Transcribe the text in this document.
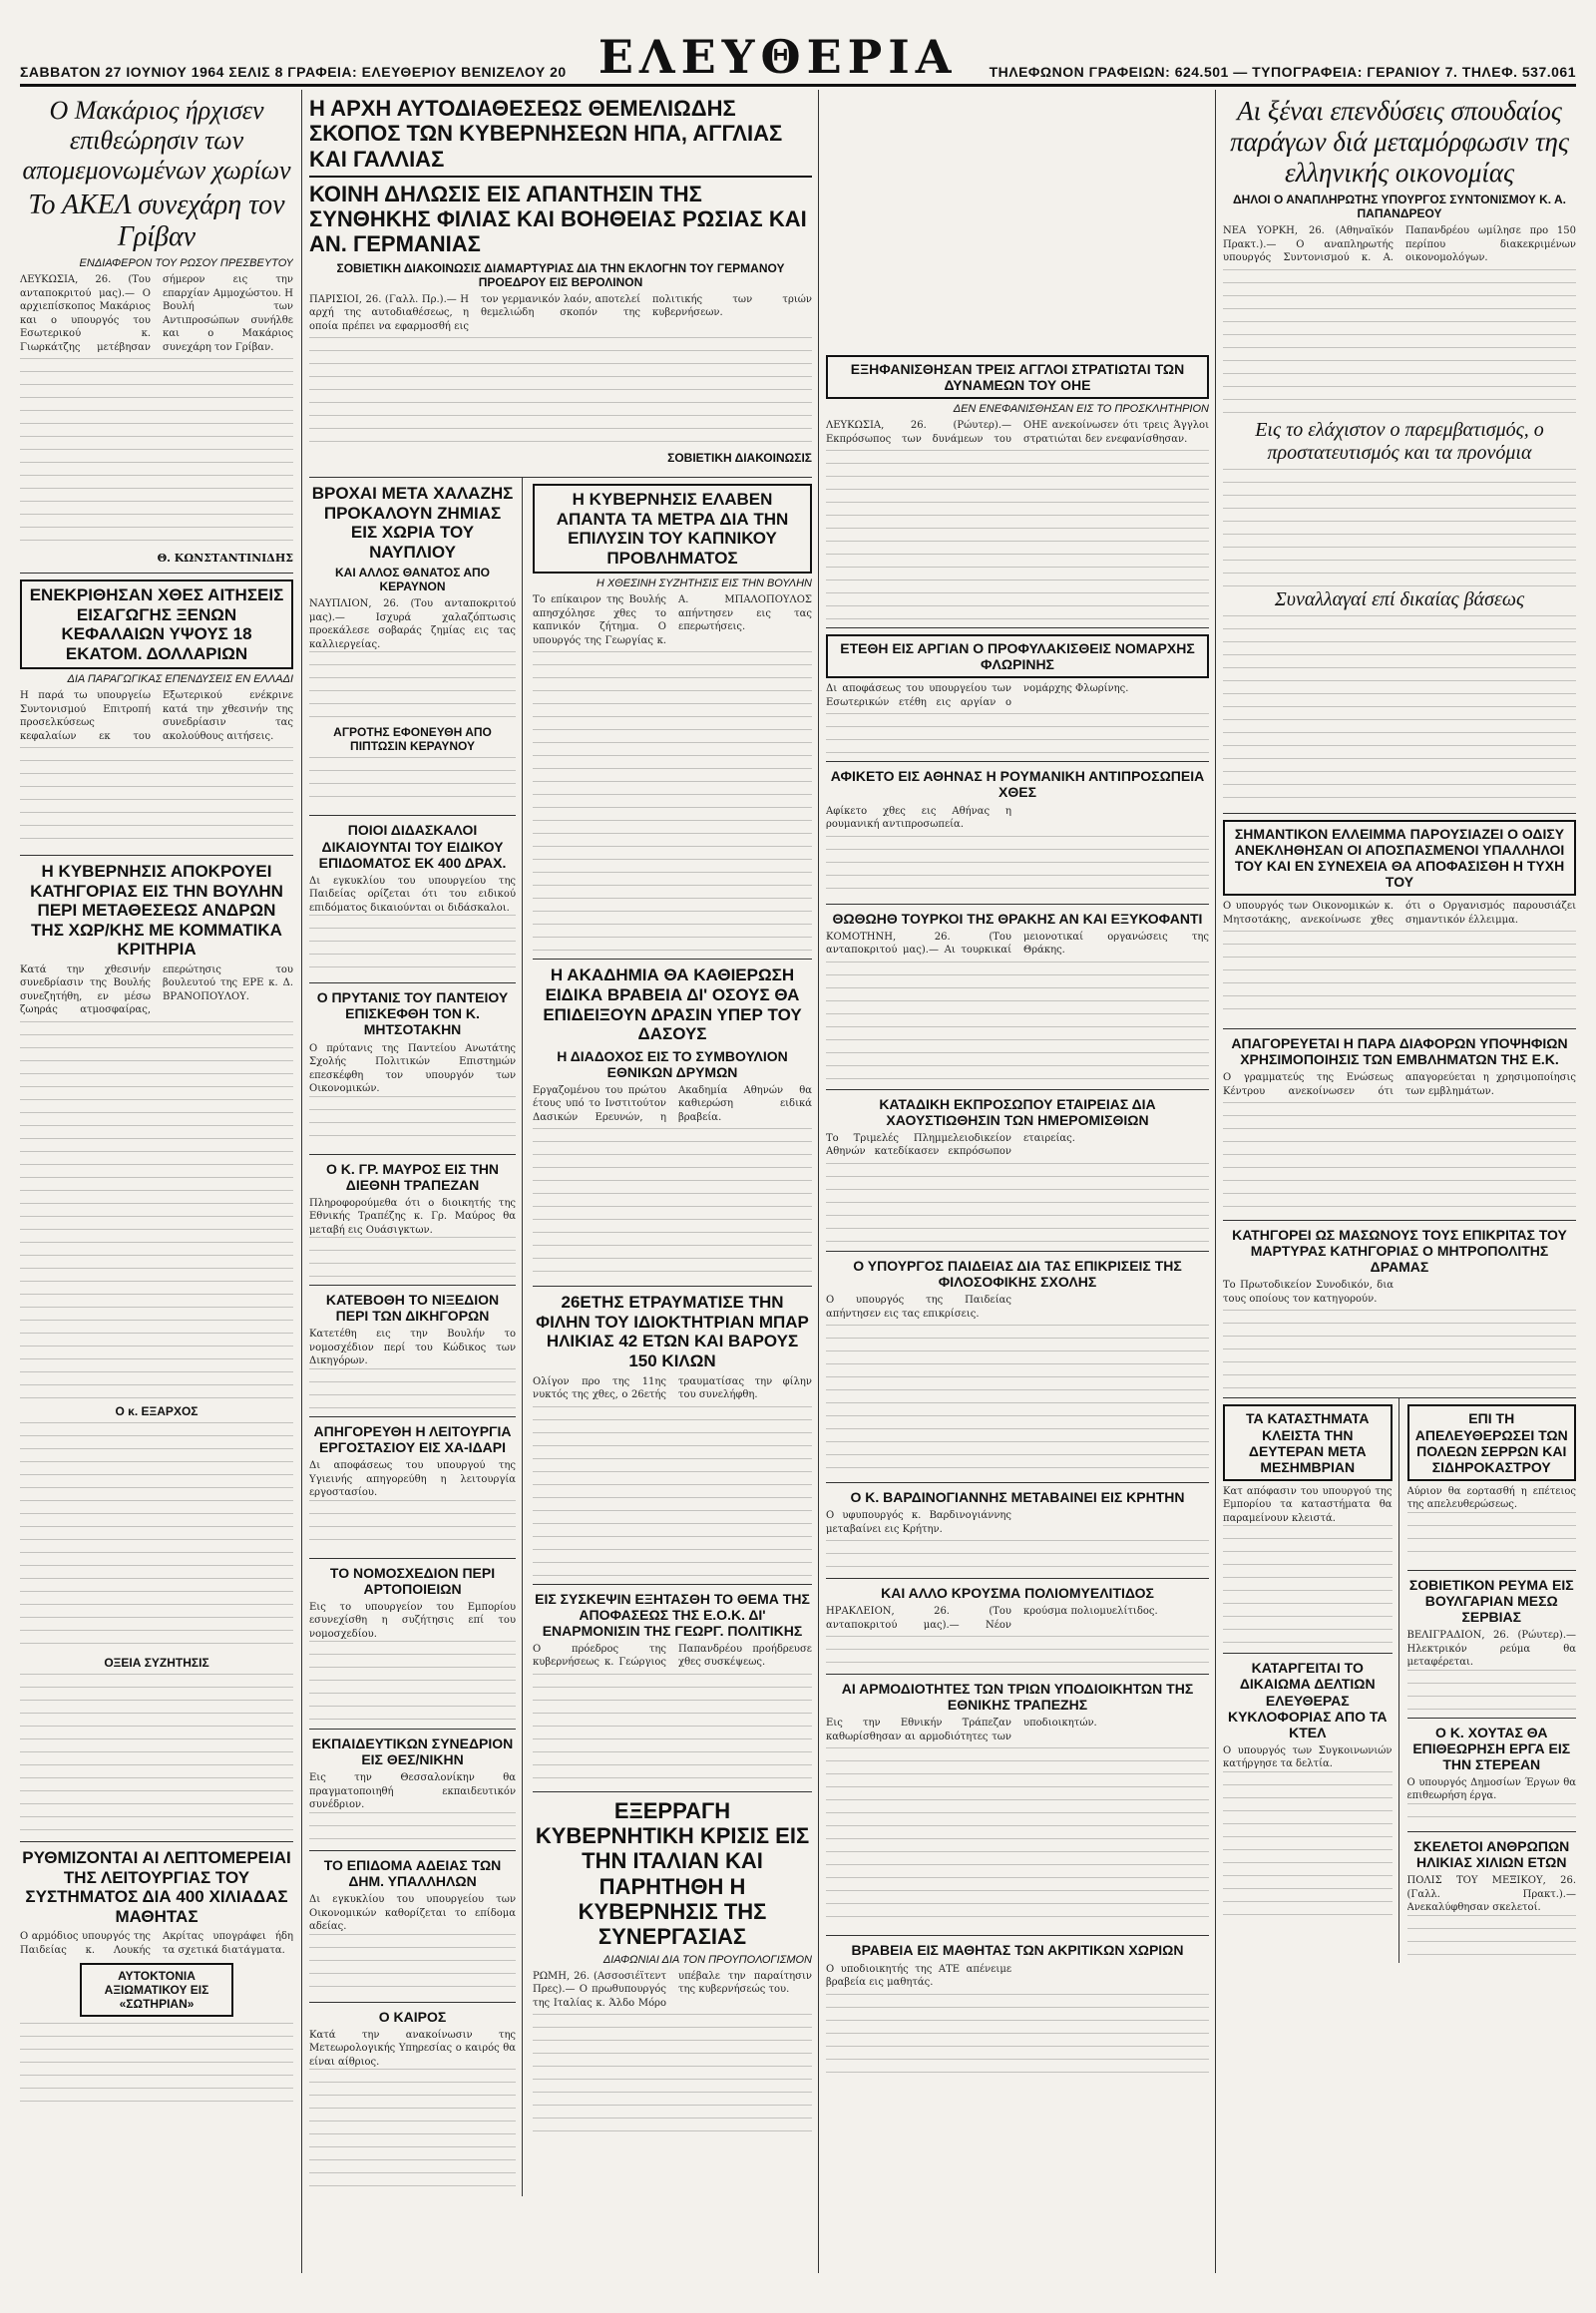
ΣΑΒΒΑΤΟΝ 27 ΙΟΥΝΙΟΥ 1964 ΣΕΛΙΣ 8 ΓΡΑΦΕΙΑ: ΕΛΕΥΘΕΡΙΟΥ ΒΕΝΙΖΕΛΟΥ 20 ΕΛΕΥΘΕΡΙΑ ΤΗΛΕΦΩΝΟΝ ΓΡΑΦΕΙΩΝ: 624.501 — ΤΥΠΟΓΡΑΦΕΙΑ: ΓΕΡΑΝΙΟΥ 7. ΤΗΛΕΦ. 537.061
Ο Μακάριος ήρχισεν επιθεώρησιν των απομεμονωμένων χωρίων
Το ΑΚΕΛ συνεχάρη τον Γρίβαν
ΕΝΔΙΑΦΕΡΟΝ ΤΟΥ ΡΩΣΟΥ ΠΡΕΣΒΕΥΤΟΥ
ΛΕΥΚΩΣΙΑ, 26. (Του ανταποκριτού μας).— Ο αρχιεπίσκοπος Μακάριος και ο υπουργός του Εσωτερικού κ. Γιωρκάτζης μετέβησαν σήμερον εις την επαρχίαν Αμμοχώστου. Η Βουλή των Αντιπροσώπων συνήλθε και ο Μακάριος συνεχάρη τον Γρίβαν.
Θ. ΚΩΝΣΤΑΝΤΙΝΙΔΗΣ
ΕΝΕΚΡΙΘΗΣΑΝ ΧΘΕΣ ΑΙΤΗΣΕΙΣ ΕΙΣΑΓΩΓΗΣ ΞΕΝΩΝ ΚΕΦΑΛΑΙΩΝ ΥΨΟΥΣ 18 ΕΚΑΤΟΜ. ΔΟΛΛΑΡΙΩΝ
ΔΙΑ ΠΑΡΑΓΩΓΙΚΑΣ ΕΠΕΝΔΥΣΕΙΣ ΕΝ ΕΛΛΑΔΙ
Η παρά τω υπουργείω Συντονισμού Επιτροπή προσελκύσεως κεφαλαίων εκ του Εξωτερικού ενέκρινε κατά την χθεσινήν της συνεδρίασιν τας ακολούθους αιτήσεις.
Η ΚΥΒΕΡΝΗΣΙΣ ΑΠΟΚΡΟΥΕΙ ΚΑΤΗΓΟΡΙΑΣ ΕΙΣ ΤΗΝ ΒΟΥΛΗΝ ΠΕΡΙ ΜΕΤΑΘΕΣΕΩΣ ΑΝΔΡΩΝ ΤΗΣ ΧΩΡ/ΚΗΣ ΜΕ ΚΟΜΜΑΤΙΚΑ ΚΡΙΤΗΡΙΑ
Κατά την χθεσινήν συνεδρίασιν της Βουλής συνεζητήθη, εν μέσω ζωηράς ατμοσφαίρας, επερώτησις του βουλευτού της ΕΡΕ κ. Δ. ΒΡΑΝΟΠΟΥΛΟΥ.
Ο κ. ΕΞΑΡΧΟΣ
ΟΞΕΙΑ ΣΥΖΗΤΗΣΙΣ
ΡΥΘΜΙΖΟΝΤΑΙ ΑΙ ΛΕΠΤΟΜΕΡΕΙΑΙ ΤΗΣ ΛΕΙΤΟΥΡΓΙΑΣ ΤΟΥ ΣΥΣΤΗΜΑΤΟΣ ΔΙΑ 400 ΧΙΛΙΑΔΑΣ ΜΑΘΗΤΑΣ
Ο αρμόδιος υπουργός της Παιδείας κ. Λουκής Ακρίτας υπογράφει ήδη τα σχετικά διατάγματα.
ΑΥΤΟΚΤΟΝΙΑ ΑΞΙΩΜΑΤΙΚΟΥ ΕΙΣ «ΣΩΤΗΡΙΑΝ»
Η ΑΡΧΗ ΑΥΤΟΔΙΑΘΕΣΕΩΣ ΘΕΜΕΛΙΩΔΗΣ ΣΚΟΠΟΣ ΤΩΝ ΚΥΒΕΡΝΗΣΕΩΝ ΗΠΑ, ΑΓΓΛΙΑΣ ΚΑΙ ΓΑΛΛΙΑΣ
ΚΟΙΝΗ ΔΗΛΩΣΙΣ ΕΙΣ ΑΠΑΝΤΗΣΙΝ ΤΗΣ ΣΥΝΘΗΚΗΣ ΦΙΛΙΑΣ ΚΑΙ ΒΟΗΘΕΙΑΣ ΡΩΣΙΑΣ ΚΑΙ ΑΝ. ΓΕΡΜΑΝΙΑΣ
ΣΟΒΙΕΤΙΚΗ ΔΙΑΚΟΙΝΩΣΙΣ ΔΙΑΜΑΡΤΥΡΙΑΣ ΔΙΑ ΤΗΝ ΕΚΛΟΓΗΝ ΤΟΥ ΓΕΡΜΑΝΟΥ ΠΡΟΕΔΡΟΥ ΕΙΣ ΒΕΡΟΛΙΝΟΝ
ΠΑΡΙΣΙΟΙ, 26. (Γαλλ. Πρ.).— Η αρχή της αυτοδιαθέσεως, η οποία πρέπει να εφαρμοσθή εις τον γερμανικόν λαόν, αποτελεί θεμελιώδη σκοπόν της πολιτικής των τριών κυβερνήσεων.
ΣΟΒΙΕΤΙΚΗ ΔΙΑΚΟΙΝΩΣΙΣ
ΒΡΟΧΑΙ ΜΕΤΑ ΧΑΛΑΖΗΣ ΠΡΟΚΑΛΟΥΝ ΖΗΜΙΑΣ ΕΙΣ ΧΩΡΙΑ ΤΟΥ ΝΑΥΠΛΙΟΥ
ΚΑΙ ΑΛΛΟΣ ΘΑΝΑΤΟΣ ΑΠΟ ΚΕΡΑΥΝΟΝ
ΝΑΥΠΛΙΟΝ, 26. (Του ανταποκριτού μας).— Ισχυρά χαλαζόπτωσις προεκάλεσε σοβαράς ζημίας εις τας καλλιεργείας.
ΑΓΡΟΤΗΣ ΕΦΟΝΕΥΘΗ ΑΠΟ ΠΙΠΤΩΣΙΝ ΚΕΡΑΥΝΟΥ
ΠΟΙΟΙ ΔΙΔΑΣΚΑΛΟΙ ΔΙΚΑΙΟΥΝΤΑΙ ΤΟΥ ΕΙΔΙΚΟΥ ΕΠΙΔΟΜΑΤΟΣ ΕΚ 400 ΔΡΑΧ.
Δι εγκυκλίου του υπουργείου της Παιδείας ορίζεται ότι του ειδικού επιδόματος δικαιούνται οι διδάσκαλοι.
Ο ΠΡΥΤΑΝΙΣ ΤΟΥ ΠΑΝΤΕΙΟΥ ΕΠΙΣΚΕΦΘΗ ΤΟΝ Κ. ΜΗΤΣΟΤΑΚΗΝ
Ο πρύτανις της Παντείου Ανωτάτης Σχολής Πολιτικών Επιστημών επεσκέφθη τον υπουργόν των Οικονομικών.
Ο Κ. ΓΡ. ΜΑΥΡΟΣ ΕΙΣ ΤΗΝ ΔΙΕΘΝΗ ΤΡΑΠΕΖΑΝ
Πληροφορούμεθα ότι ο διοικητής της Εθνικής Τραπέζης κ. Γρ. Μαύρος θα μεταβή εις Ουάσιγκτων.
ΚΑΤΕΒΟΘΗ ΤΟ ΝΙΞΕΔΙΟΝ ΠΕΡΙ ΤΩΝ ΔΙΚΗΓΟΡΩΝ
Κατετέθη εις την Βουλήν το νομοσχέδιον περί του Κώδικος των Δικηγόρων.
ΑΠΗΓΟΡΕΥΘΗ Η ΛΕΙΤΟΥΡΓΙΑ ΕΡΓΟΣΤΑΣΙΟΥ ΕΙΣ ΧΑ-ΙΔΑΡΙ
Δι αποφάσεως του υπουργού της Υγιεινής απηγορεύθη η λειτουργία εργοστασίου.
ΤΟ ΝΟΜΟΣΧΕΔΙΟΝ ΠΕΡΙ ΑΡΤΟΠΟΙΕΙΩΝ
Εις το υπουργείον του Εμπορίου εσυνεχίσθη η συζήτησις επί του νομοσχεδίου.
ΕΚΠΑΙΔΕΥΤΙΚΩΝ ΣΥΝΕΔΡΙΟΝ ΕΙΣ ΘΕΣ/ΝΙΚΗΝ
Εις την Θεσσαλονίκην θα πραγματοποιηθή εκπαιδευτικόν συνέδριον.
ΤΟ ΕΠΙΔΟΜΑ ΑΔΕΙΑΣ ΤΩΝ ΔΗΜ. ΥΠΑΛΛΗΛΩΝ
Δι εγκυκλίου του υπουργείου των Οικονομικών καθορίζεται το επίδομα αδείας.
Ο ΚΑΙΡΟΣ
Κατά την ανακοίνωσιν της Μετεωρολογικής Υπηρεσίας ο καιρός θα είναι αίθριος.
Η ΚΥΒΕΡΝΗΣΙΣ ΕΛΑΒΕΝ ΑΠΑΝΤΑ ΤΑ ΜΕΤΡΑ ΔΙΑ ΤΗΝ ΕΠΙΛΥΣΙΝ ΤΟΥ ΚΑΠΝΙΚΟΥ ΠΡΟΒΛΗΜΑΤΟΣ
Η ΧΘΕΣΙΝΗ ΣΥΖΗΤΗΣΙΣ ΕΙΣ ΤΗΝ ΒΟΥΛΗΝ
Το επίκαιρον της Βουλής απησχόλησε χθες το καπνικόν ζήτημα. Ο υπουργός της Γεωργίας κ. Α. ΜΠΑΛΟΠΟΥΛΟΣ απήντησεν εις τας επερωτήσεις.
Η ΑΚΑΔΗΜΙΑ ΘΑ ΚΑΘΙΕΡΩΣΗ ΕΙΔΙΚΑ ΒΡΑΒΕΙΑ ΔΙ' ΟΣΟΥΣ ΘΑ ΕΠΙΔΕΙΞΟΥΝ ΔΡΑΣΙΝ ΥΠΕΡ ΤΟΥ ΔΑΣΟΥΣ
Η ΔΙΑΔΟΧΟΣ ΕΙΣ ΤΟ ΣΥΜΒΟΥΛΙΟΝ ΕΘΝΙΚΩΝ ΔΡΥΜΩΝ
Εργαζομένου του πρώτου έτους υπό το Ινστιτούτον Δασικών Ερευνών, η Ακαδημία Αθηνών θα καθιερώση ειδικά βραβεία.
26ΕΤΗΣ ΕΤΡΑΥΜΑΤΙΣΕ ΤΗΝ ΦΙΛΗΝ ΤΟΥ ΙΔΙΟΚΤΗΤΡΙΑΝ ΜΠΑΡ ΗΛΙΚΙΑΣ 42 ΕΤΩΝ ΚΑΙ ΒΑΡΟΥΣ 150 ΚΙΛΩΝ
Ολίγον προ της 11ης νυκτός της χθες, ο 26ετής τραυματίσας την φίλην του συνελήφθη.
ΕΙΣ ΣΥΣΚΕΨΙΝ ΕΞΗΤΑΣΘΗ ΤΟ ΘΕΜΑ ΤΗΣ ΑΠΟΦΑΣΕΩΣ ΤΗΣ Ε.Ο.Κ. ΔΙ' ΕΝΑΡΜΟΝΙΣΙΝ ΤΗΣ ΓΕΩΡΓ. ΠΟΛΙΤΙΚΗΣ
Ο πρόεδρος της κυβερνήσεως κ. Γεώργιος Παπανδρέου προήδρευσε χθες συσκέψεως.
ΕΞΕΡΡΑΓΗ ΚΥΒΕΡΝΗΤΙΚΗ ΚΡΙΣΙΣ ΕΙΣ ΤΗΝ ΙΤΑΛΙΑΝ ΚΑΙ ΠΑΡΗΤΗΘΗ Η ΚΥΒΕΡΝΗΣΙΣ ΤΗΣ ΣΥΝΕΡΓΑΣΙΑΣ
ΔΙΑΦΩΝΙΑΙ ΔΙΑ ΤΟΝ ΠΡΟΥΠΟΛΟΓΙΣΜΟΝ
ΡΩΜΗ, 26. (Ασσοσιέϊτεντ Πρες).— Ο πρωθυπουργός της Ιταλίας κ. Άλδο Μόρο υπέβαλε την παραίτησιν της κυβερνήσεώς του.
ΕΞΗΦΑΝΙΣΘΗΣΑΝ ΤΡΕΙΣ ΑΓΓΛΟΙ ΣΤΡΑΤΙΩΤΑΙ ΤΩΝ ΔΥΝΑΜΕΩΝ ΤΟΥ ΟΗΕ
ΔΕΝ ΕΝΕΦΑΝΙΣΘΗΣΑΝ ΕΙΣ ΤΟ ΠΡΟΣΚΛΗΤΗΡΙΟΝ
ΛΕΥΚΩΣΙΑ, 26. (Ρώυτερ).— Εκπρόσωπος των δυνάμεων του ΟΗΕ ανεκοίνωσεν ότι τρεις Άγγλοι στρατιώται δεν ενεφανίσθησαν.
ΕΤΕΘΗ ΕΙΣ ΑΡΓΙΑΝ Ο ΠΡΟΦΥΛΑΚΙΣΘΕΙΣ ΝΟΜΑΡΧΗΣ ΦΛΩΡΙΝΗΣ
Δι αποφάσεως του υπουργείου των Εσωτερικών ετέθη εις αργίαν ο νομάρχης Φλωρίνης.
ΑΦΙΚΕΤΟ ΕΙΣ ΑΘΗΝΑΣ Η ΡΟΥΜΑΝΙΚΗ ΑΝΤΙΠΡΟΣΩΠΕΙΑ ΧΘΕΣ
Αφίκετο χθες εις Αθήνας η ρουμανική αντιπροσωπεία.
ΘΩΘΩΗΘ ΤΟΥΡΚΟΙ ΤΗΣ ΘΡΑΚΗΣ ΑΝ ΚΑΙ ΕΞΥΚΟΦΑΝΤΙ
ΚΟΜΟΤΗΝΗ, 26. (Του ανταποκριτού μας).— Αι τουρκικαί μειονοτικαί οργανώσεις της Θράκης.
ΚΑΤΑΔΙΚΗ ΕΚΠΡΟΣΩΠΟΥ ΕΤΑΙΡΕΙΑΣ ΔΙΑ ΧΑΟΥΣΤΙΩΘΗΣΙΝ ΤΩΝ ΗΜΕΡΟΜΙΣΘΙΩΝ
Το Τριμελές Πλημμελειοδικείον Αθηνών κατεδίκασεν εκπρόσωπον εταιρείας.
Ο ΥΠΟΥΡΓΟΣ ΠΑΙΔΕΙΑΣ ΔΙΑ ΤΑΣ ΕΠΙΚΡΙΣΕΙΣ ΤΗΣ ΦΙΛΟΣΟΦΙΚΗΣ ΣΧΟΛΗΣ
Ο υπουργός της Παιδείας απήντησεν εις τας επικρίσεις.
Ο Κ. ΒΑΡΔΙΝΟΓΙΑΝΝΗΣ ΜΕΤΑΒΑΙΝΕΙ ΕΙΣ ΚΡΗΤΗΝ
Ο υφυπουργός κ. Βαρδινογιάννης μεταβαίνει εις Κρήτην.
ΚΑΙ ΑΛΛΟ ΚΡΟΥΣΜΑ ΠΟΛΙΟΜΥΕΛΙΤΙΔΟΣ
ΗΡΑΚΛΕΙΟΝ, 26. (Του ανταποκριτού μας).— Νέον κρούσμα πολιομυελίτιδος.
ΑΙ ΑΡΜΟΔΙΟΤΗΤΕΣ ΤΩΝ ΤΡΙΩΝ ΥΠΟΔΙΟΙΚΗΤΩΝ ΤΗΣ ΕΘΝΙΚΗΣ ΤΡΑΠΕΖΗΣ
Εις την Εθνικήν Τράπεζαν καθωρίσθησαν αι αρμοδιότητες των υποδιοικητών.
ΒΡΑΒΕΙΑ ΕΙΣ ΜΑΘΗΤΑΣ ΤΩΝ ΑΚΡΙΤΙΚΩΝ ΧΩΡΙΩΝ
Ο υποδιοικητής της ΑΤΕ απένειμε βραβεία εις μαθητάς.
Αι ξέναι επενδύσεις σπουδαίος παράγων διά μεταμόρφωσιν της ελληνικής οικονομίας
ΔΗΛΟΙ Ο ΑΝΑΠΛΗΡΩΤΗΣ ΥΠΟΥΡΓΟΣ ΣΥΝΤΟΝΙΣΜΟΥ Κ. Α. ΠΑΠΑΝΔΡΕΟΥ
ΝΕΑ ΥΟΡΚΗ, 26. (Αθηναϊκόν Πρακτ.).— Ο αναπληρωτής υπουργός Συντονισμού κ. Α. Παπανδρέου ωμίλησε προ 150 περίπου διακεκριμένων οικονομολόγων.
Εις το ελάχιστον ο παρεμβατισμός, ο προστατευτισμός και τα προνόμια
Συναλλαγαί επί δικαίας βάσεως
ΣΗΜΑΝΤΙΚΟΝ ΕΛΛΕΙΜΜΑ ΠΑΡΟΥΣΙΑΖΕΙ Ο ΟΔΙΣΥ ΑΝΕΚΛΗΘΗΣΑΝ ΟΙ ΑΠΟΣΠΑΣΜΕΝΟΙ ΥΠΑΛΛΗΛΟΙ ΤΟΥ ΚΑΙ ΕΝ ΣΥΝΕΧΕΙΑ ΘΑ ΑΠΟΦΑΣΙΣΘΗ Η ΤΥΧΗ ΤΟΥ
Ο υπουργός των Οικονομικών κ. Μητσοτάκης, ανεκοίνωσε χθες ότι ο Οργανισμός παρουσιάζει σημαντικόν έλλειμμα.
ΑΠΑΓΟΡΕΥΕΤΑΙ Η ΠΑΡΑ ΔΙΑΦΟΡΩΝ ΥΠΟΨΗΦΙΩΝ ΧΡΗΣΙΜΟΠΟΙΗΣΙΣ ΤΩΝ ΕΜΒΛΗΜΑΤΩΝ ΤΗΣ Ε.Κ.
Ο γραμματεύς της Ενώσεως Κέντρου ανεκοίνωσεν ότι απαγορεύεται η χρησιμοποίησις των εμβλημάτων.
ΚΑΤΗΓΟΡΕΙ ΩΣ ΜΑΣΩΝΟΥΣ ΤΟΥΣ ΕΠΙΚΡΙΤΑΣ ΤΟΥ ΜΑΡΤΥΡΑΣ ΚΑΤΗΓΟΡΙΑΣ Ο ΜΗΤΡΟΠΟΛΙΤΗΣ ΔΡΑΜΑΣ
Το Πρωτοδικείον Συνοδικόν, δια τους οποίους τον κατηγορούν.
ΤΑ ΚΑΤΑΣΤΗΜΑΤΑ ΚΛΕΙΣΤΑ ΤΗΝ ΔΕΥΤΕΡΑΝ ΜΕΤΑ ΜΕΣΗΜΒΡΙΑΝ
Κατ απόφασιν του υπουργού της Εμπορίου τα καταστήματα θα παραμείνουν κλειστά.
ΚΑΤΑΡΓΕΙΤΑΙ ΤΟ ΔΙΚΑΙΩΜΑ ΔΕΛΤΙΩΝ ΕΛΕΥΘΕΡΑΣ ΚΥΚΛΟΦΟΡΙΑΣ ΑΠΟ ΤΑ ΚΤΕΛ
Ο υπουργός των Συγκοινωνιών κατήργησε τα δελτία.
ΕΠΙ ΤΗ ΑΠΕΛΕΥΘΕΡΩΣΕΙ ΤΩΝ ΠΟΛΕΩΝ ΣΕΡΡΩΝ ΚΑΙ ΣΙΔΗΡΟΚΑΣΤΡΟΥ
Αύριον θα εορτασθή η επέτειος της απελευθερώσεως.
ΣΟΒΙΕΤΙΚΟΝ ΡΕΥΜΑ ΕΙΣ ΒΟΥΛΓΑΡΙΑΝ ΜΕΣΩ ΣΕΡΒΙΑΣ
ΒΕΛΙΓΡΑΔΙΟΝ, 26. (Ρώυτερ).— Ηλεκτρικόν ρεύμα θα μεταφέρεται.
Ο Κ. ΧΟΥΤΑΣ ΘΑ ΕΠΙΘΕΩΡΗΣΗ ΕΡΓΑ ΕΙΣ ΤΗΝ ΣΤΕΡΕΑΝ
Ο υπουργός Δημοσίων Έργων θα επιθεωρήση έργα.
ΣΚΕΛΕΤΟΙ ΑΝΘΡΩΠΩΝ ΗΛΙΚΙΑΣ ΧΙΛΙΩΝ ΕΤΩΝ
ΠΟΛΙΣ ΤΟΥ ΜΕΞΙΚΟΥ, 26. (Γαλλ. Πρακτ.).— Ανεκαλύφθησαν σκελετοί.
